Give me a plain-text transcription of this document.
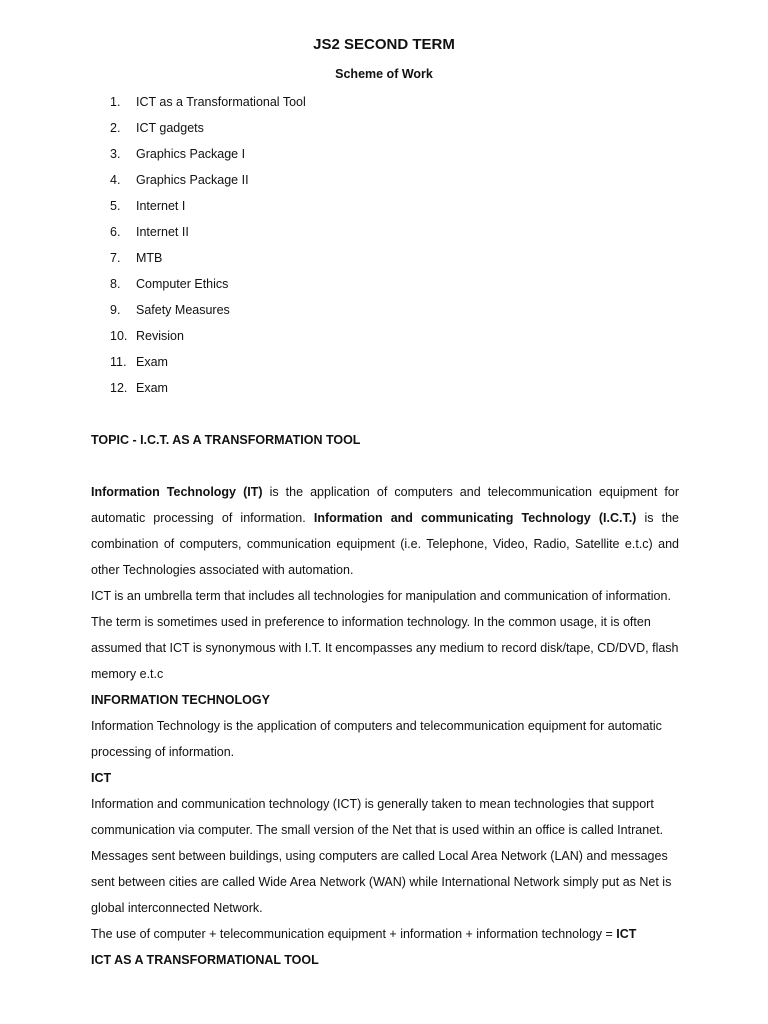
JS2 SECOND TERM
Scheme of Work
1.	ICT as a Transformational Tool
2.	ICT gadgets
3.	Graphics Package I
4.	Graphics Package II
5.	Internet I
6.	Internet II
7.	MTB
8.	Computer Ethics
9.	Safety Measures
10. Revision
11. Exam
12. Exam
TOPIC - I.C.T. AS A TRANSFORMATION TOOL

Information Technology (IT) is the application of computers and telecommunication equipment for automatic processing of information. Information and communicating Technology (I.C.T.) is the combination of computers, communication equipment (i.e. Telephone, Video, Radio, Satellite e.t.c) and other Technologies associated with automation.

ICT is an umbrella term that includes all technologies for manipulation and communication of information. The term is sometimes used in preference to information technology. In the common usage, it is often assumed that ICT is synonymous with I.T. It encompasses any medium to record disk/tape, CD/DVD, flash memory e.t.c

INFORMATION TECHNOLOGY

Information Technology is the application of computers and telecommunication equipment for automatic processing of information.

ICT

Information and communication technology (ICT) is generally taken to mean technologies that support communication via computer. The small version of the Net that is used within an office is called Intranet. Messages sent between buildings, using computers are called Local Area Network (LAN) and messages sent between cities are called Wide Area Network (WAN) while International Network simply put as Net is global interconnected Network.

The use of computer + telecommunication equipment + information + information technology = ICT

ICT AS A TRANSFORMATIONAL TOOL
